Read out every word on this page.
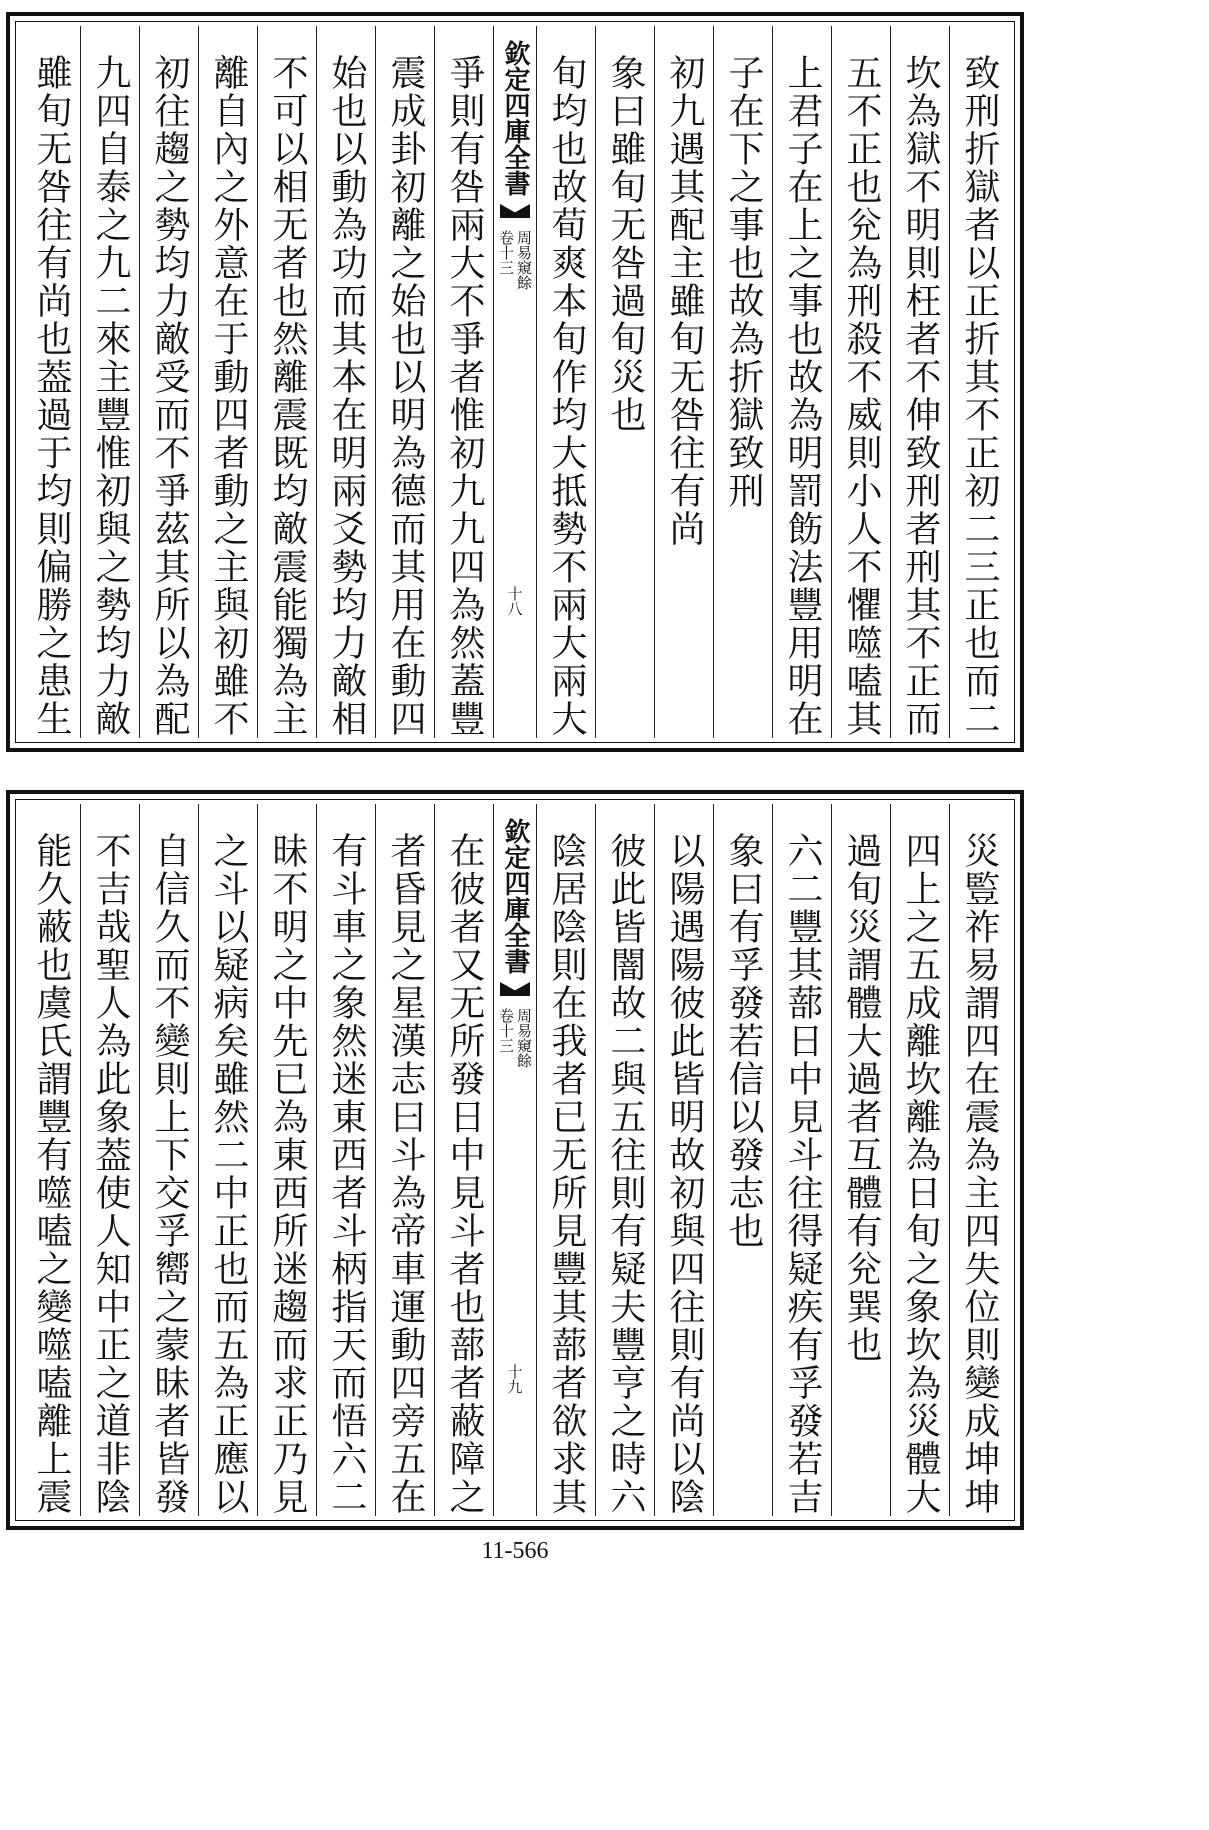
致刑折獄者以正折其不正初二三正也而二
坎為獄不明則枉者不伸致刑者刑其不正而
五不正也兊為刑殺不威則小人不懼噬嗑其
上君子在上之事也故為明罰飭法豐用明在
子在下之事也故為折獄致刑
初九遇其配主雖旬无咎往有尚
象曰雖旬无咎過旬災也
旬均也故荀爽本旬作均大抵勢不兩大兩大
欽定四庫全書
周易窺餘
卷十三
十八
爭則有咎兩大不爭者惟初九九四為然蓋豐
震成卦初離之始也以明為德而其用在動四
始也以動為功而其本在明兩爻勢均力敵相
不可以相无者也然離震既均敵震能獨為主
離自內之外意在于動四者動之主與初雖不
初往趨之勢均力敵受而不爭茲其所以為配
九四自泰之九二來主豐惟初與之勢均力敵
雖旬无咎往有尚也葢過于均則偏勝之患生
災䜿祚易謂四在震為主四失位則變成坤坤
四上之五成離坎離為日旬之象坎為災體大
過旬災謂體大過者互體有兊巽也
六二豐其蔀日中見斗往得疑疾有孚發若吉
象曰有孚發若信以發志也
以陽遇陽彼此皆明故初與四往則有尚以陰
彼此皆闇故二與五往則有疑夫豐亨之時六
陰居陰則在我者已无所見豐其蔀者欲求其
欽定四庫全書
周易窺餘
卷十三
十九
在彼者又无所發日中見斗者也蔀者蔽障之
者昏見之星漢志曰斗為帝車運動四旁五在
有斗車之象然迷東西者斗柄指天而悟六二
昧不明之中先已為東西所迷趨而求正乃見
之斗以疑病矣雖然二中正也而五為正應以
自信久而不變則上下交孚嚮之蒙昧者皆發
不吉哉聖人為此象葢使人知中正之道非陰
能久蔽也虞氏謂豐有噬嗑之變噬嗑離上震
11-566
